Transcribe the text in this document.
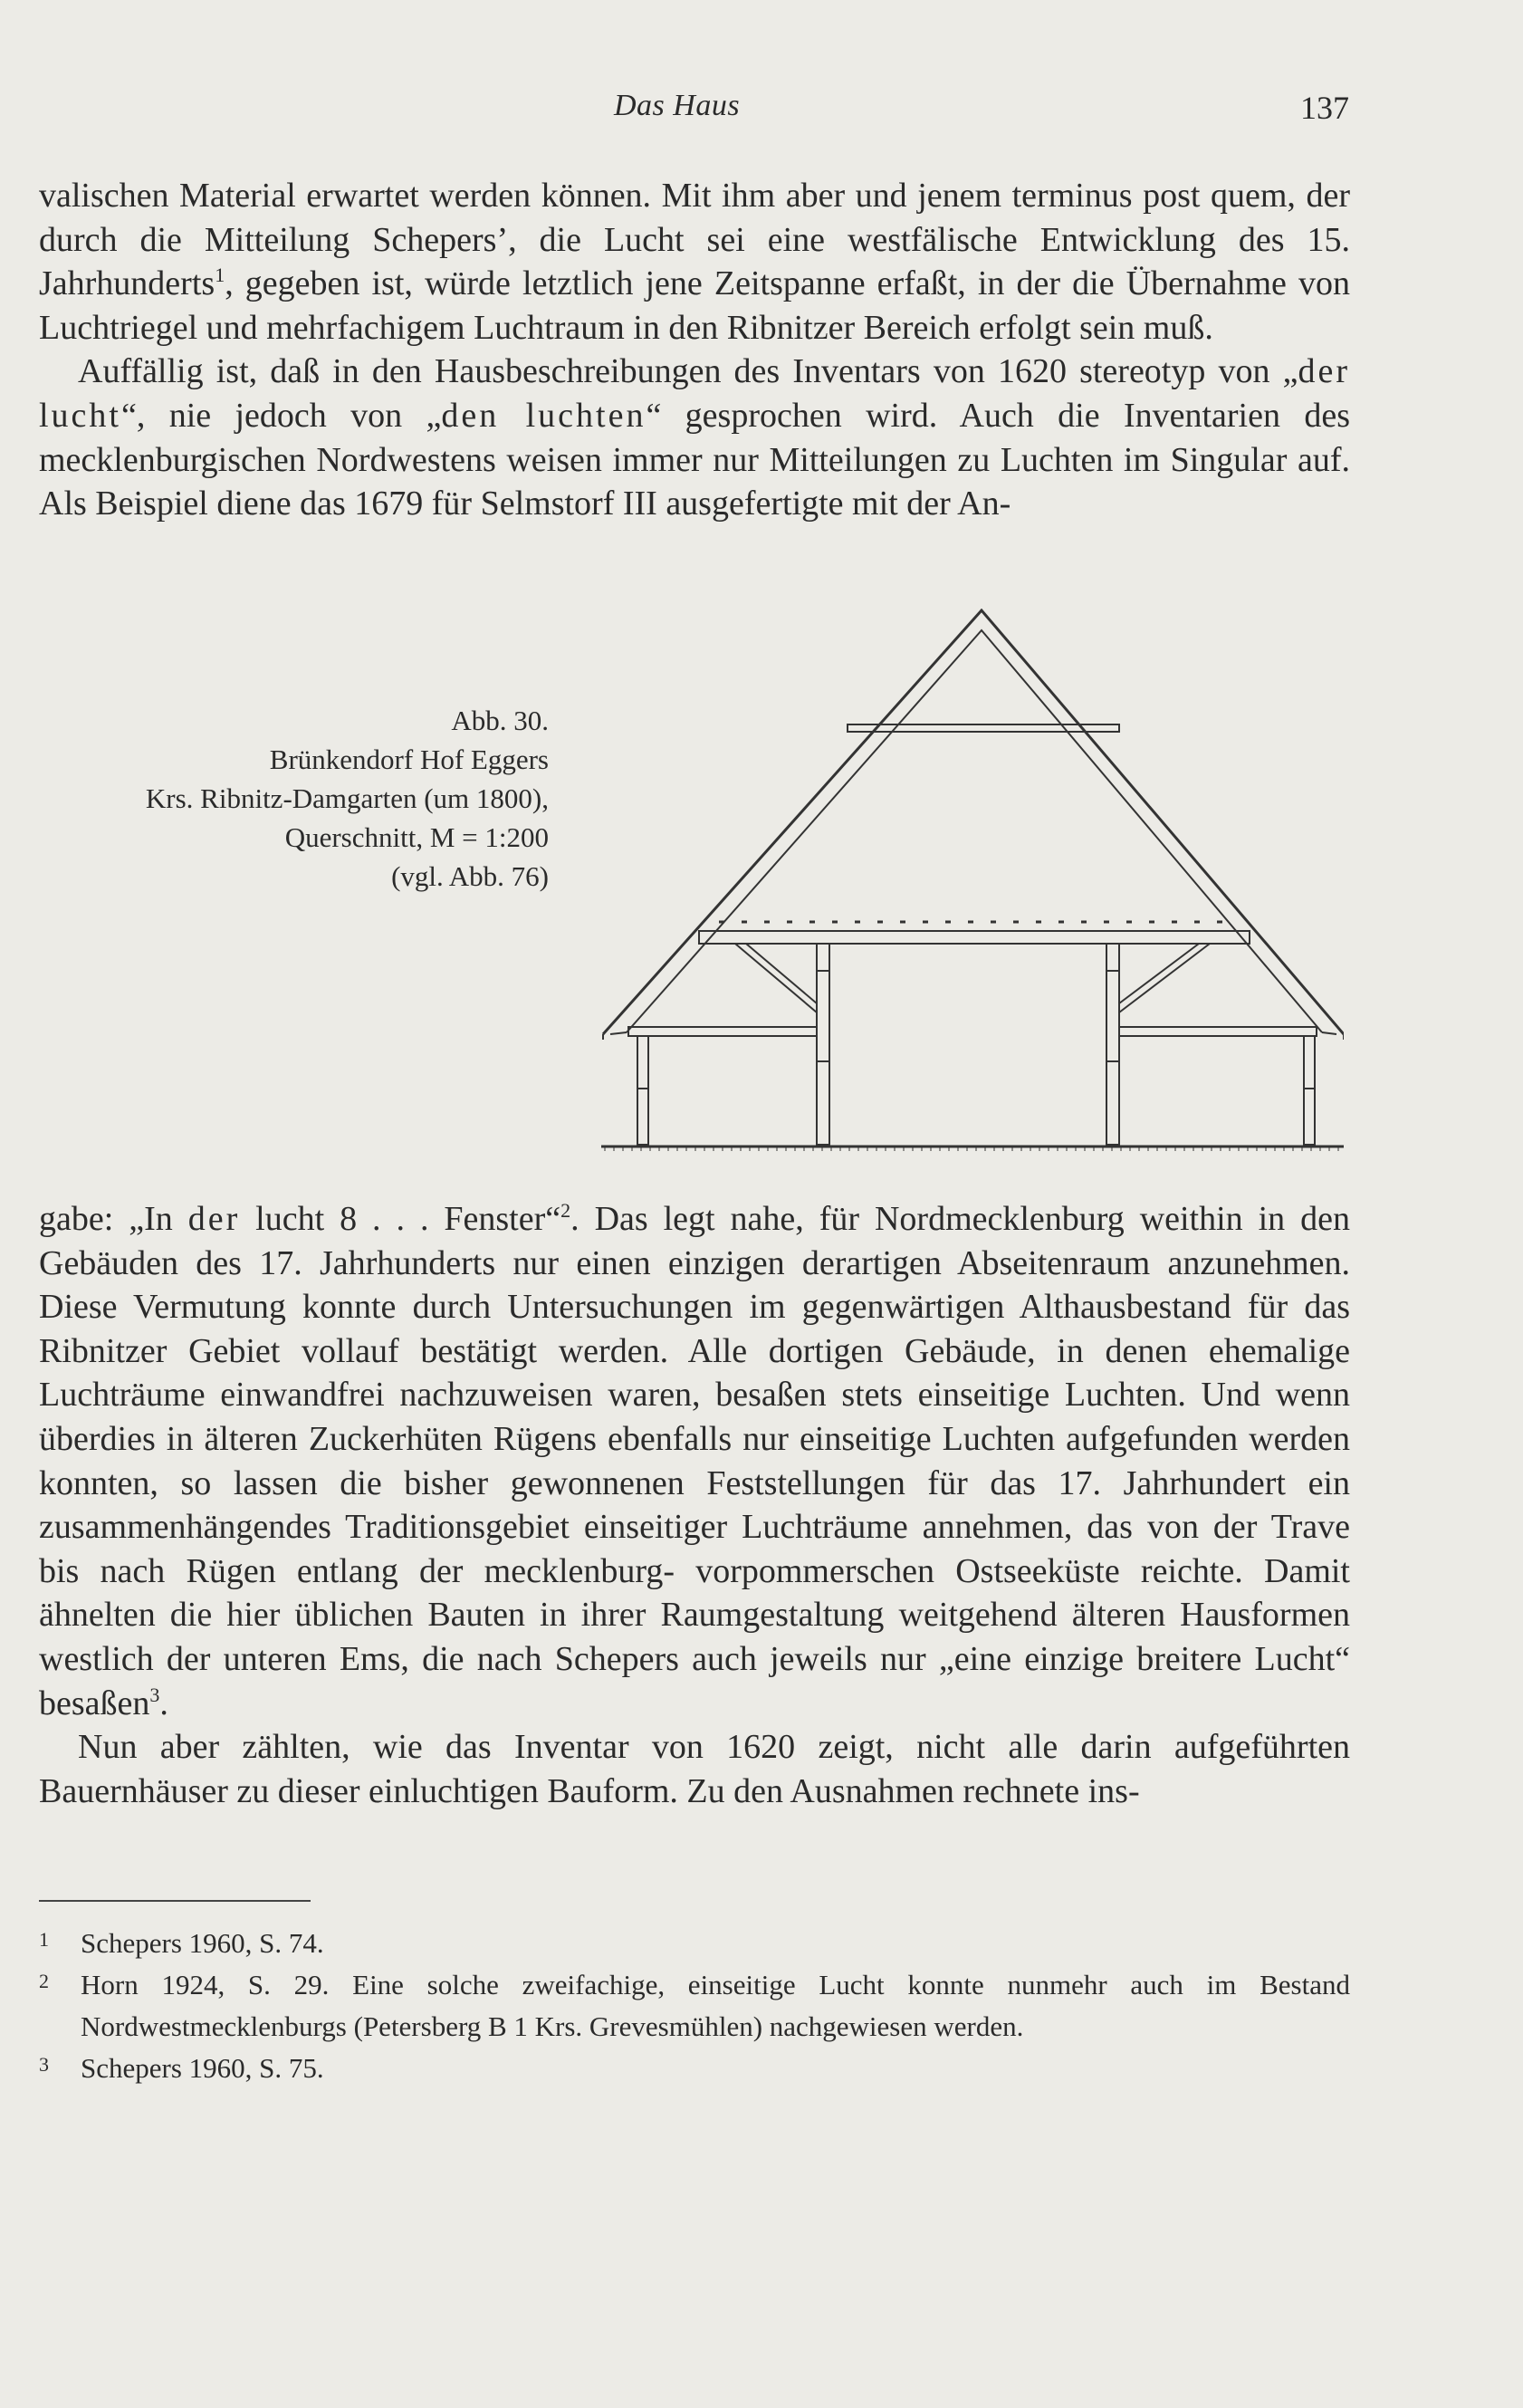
Das Haus	137

valischen Material erwartet werden können. Mit ihm aber und jenem terminus post quem, der durch die Mitteilung Schepers’, die Lucht sei eine westfälische Entwicklung des 15. Jahrhunderts$^1$, gegeben ist, würde letztlich jene Zeitspanne erfaßt, in der die Übernahme von Luchtriegel und mehrfachigem Luchtraum in den Ribnitzer Bereich erfolgt sein muß.

Auffällig ist, daß in den Hausbeschreibungen des Inventars von 1620 stereotyp von „der lucht“, nie jedoch von „den luchten“ gesprochen wird. Auch die Inventarien des mecklenburgischen Nordwestens weisen immer nur Mitteilungen zu Luchten im Singular auf. Als Beispiel diene das 1679 für Selmstorf III ausgefertigte mit der An-

Abb. 30.
Brünkendorf Hof Eggers
Krs. Ribnitz-Damgarten (um 1800),
Querschnitt, M = 1:200
(vgl. Abb. 76)

gabe: „In der lucht 8 . . . Fenster“$^2$. Das legt nahe, für Nordmecklenburg weithin in den Gebäuden des 17. Jahrhunderts nur einen einzigen derartigen Abseitenraum anzunehmen. Diese Vermutung konnte durch Untersuchungen im gegenwärtigen Althausbestand für das Ribnitzer Gebiet vollauf bestätigt werden. Alle dortigen Gebäude, in denen ehemalige Luchträume einwandfrei nachzuweisen waren, besaßen stets einseitige Luchten. Und wenn überdies in älteren Zuckerhüten Rügens ebenfalls nur einseitige Luchten aufgefunden werden konnten, so lassen die bisher gewonnenen Feststellungen für das 17. Jahrhundert ein zusammenhängendes Traditionsgebiet einseitiger Luchträume annehmen, das von der Trave bis nach Rügen entlang der mecklenburg- vorpommerschen Ostseeküste reichte. Damit ähnelten die hier üblichen Bauten in ihrer Raumgestaltung weitgehend älteren Hausformen westlich der unteren Ems, die nach Schepers auch jeweils nur „eine einzige breitere Lucht“ besaßen$^3$.

Nun aber zählten, wie das Inventar von 1620 zeigt, nicht alle darin aufgeführten Bauernhäuser zu dieser einluchtigen Bauform. Zu den Ausnahmen rechnete ins-

1	Schepers 1960, S. 74.
2	Horn 1924, S. 29. Eine solche zweifachige, einseitige Lucht konnte nunmehr auch im Bestand Nordwestmecklenburgs (Petersberg B 1 Krs. Grevesmühlen) nachgewiesen werden.
3	Schepers 1960, S. 75.
